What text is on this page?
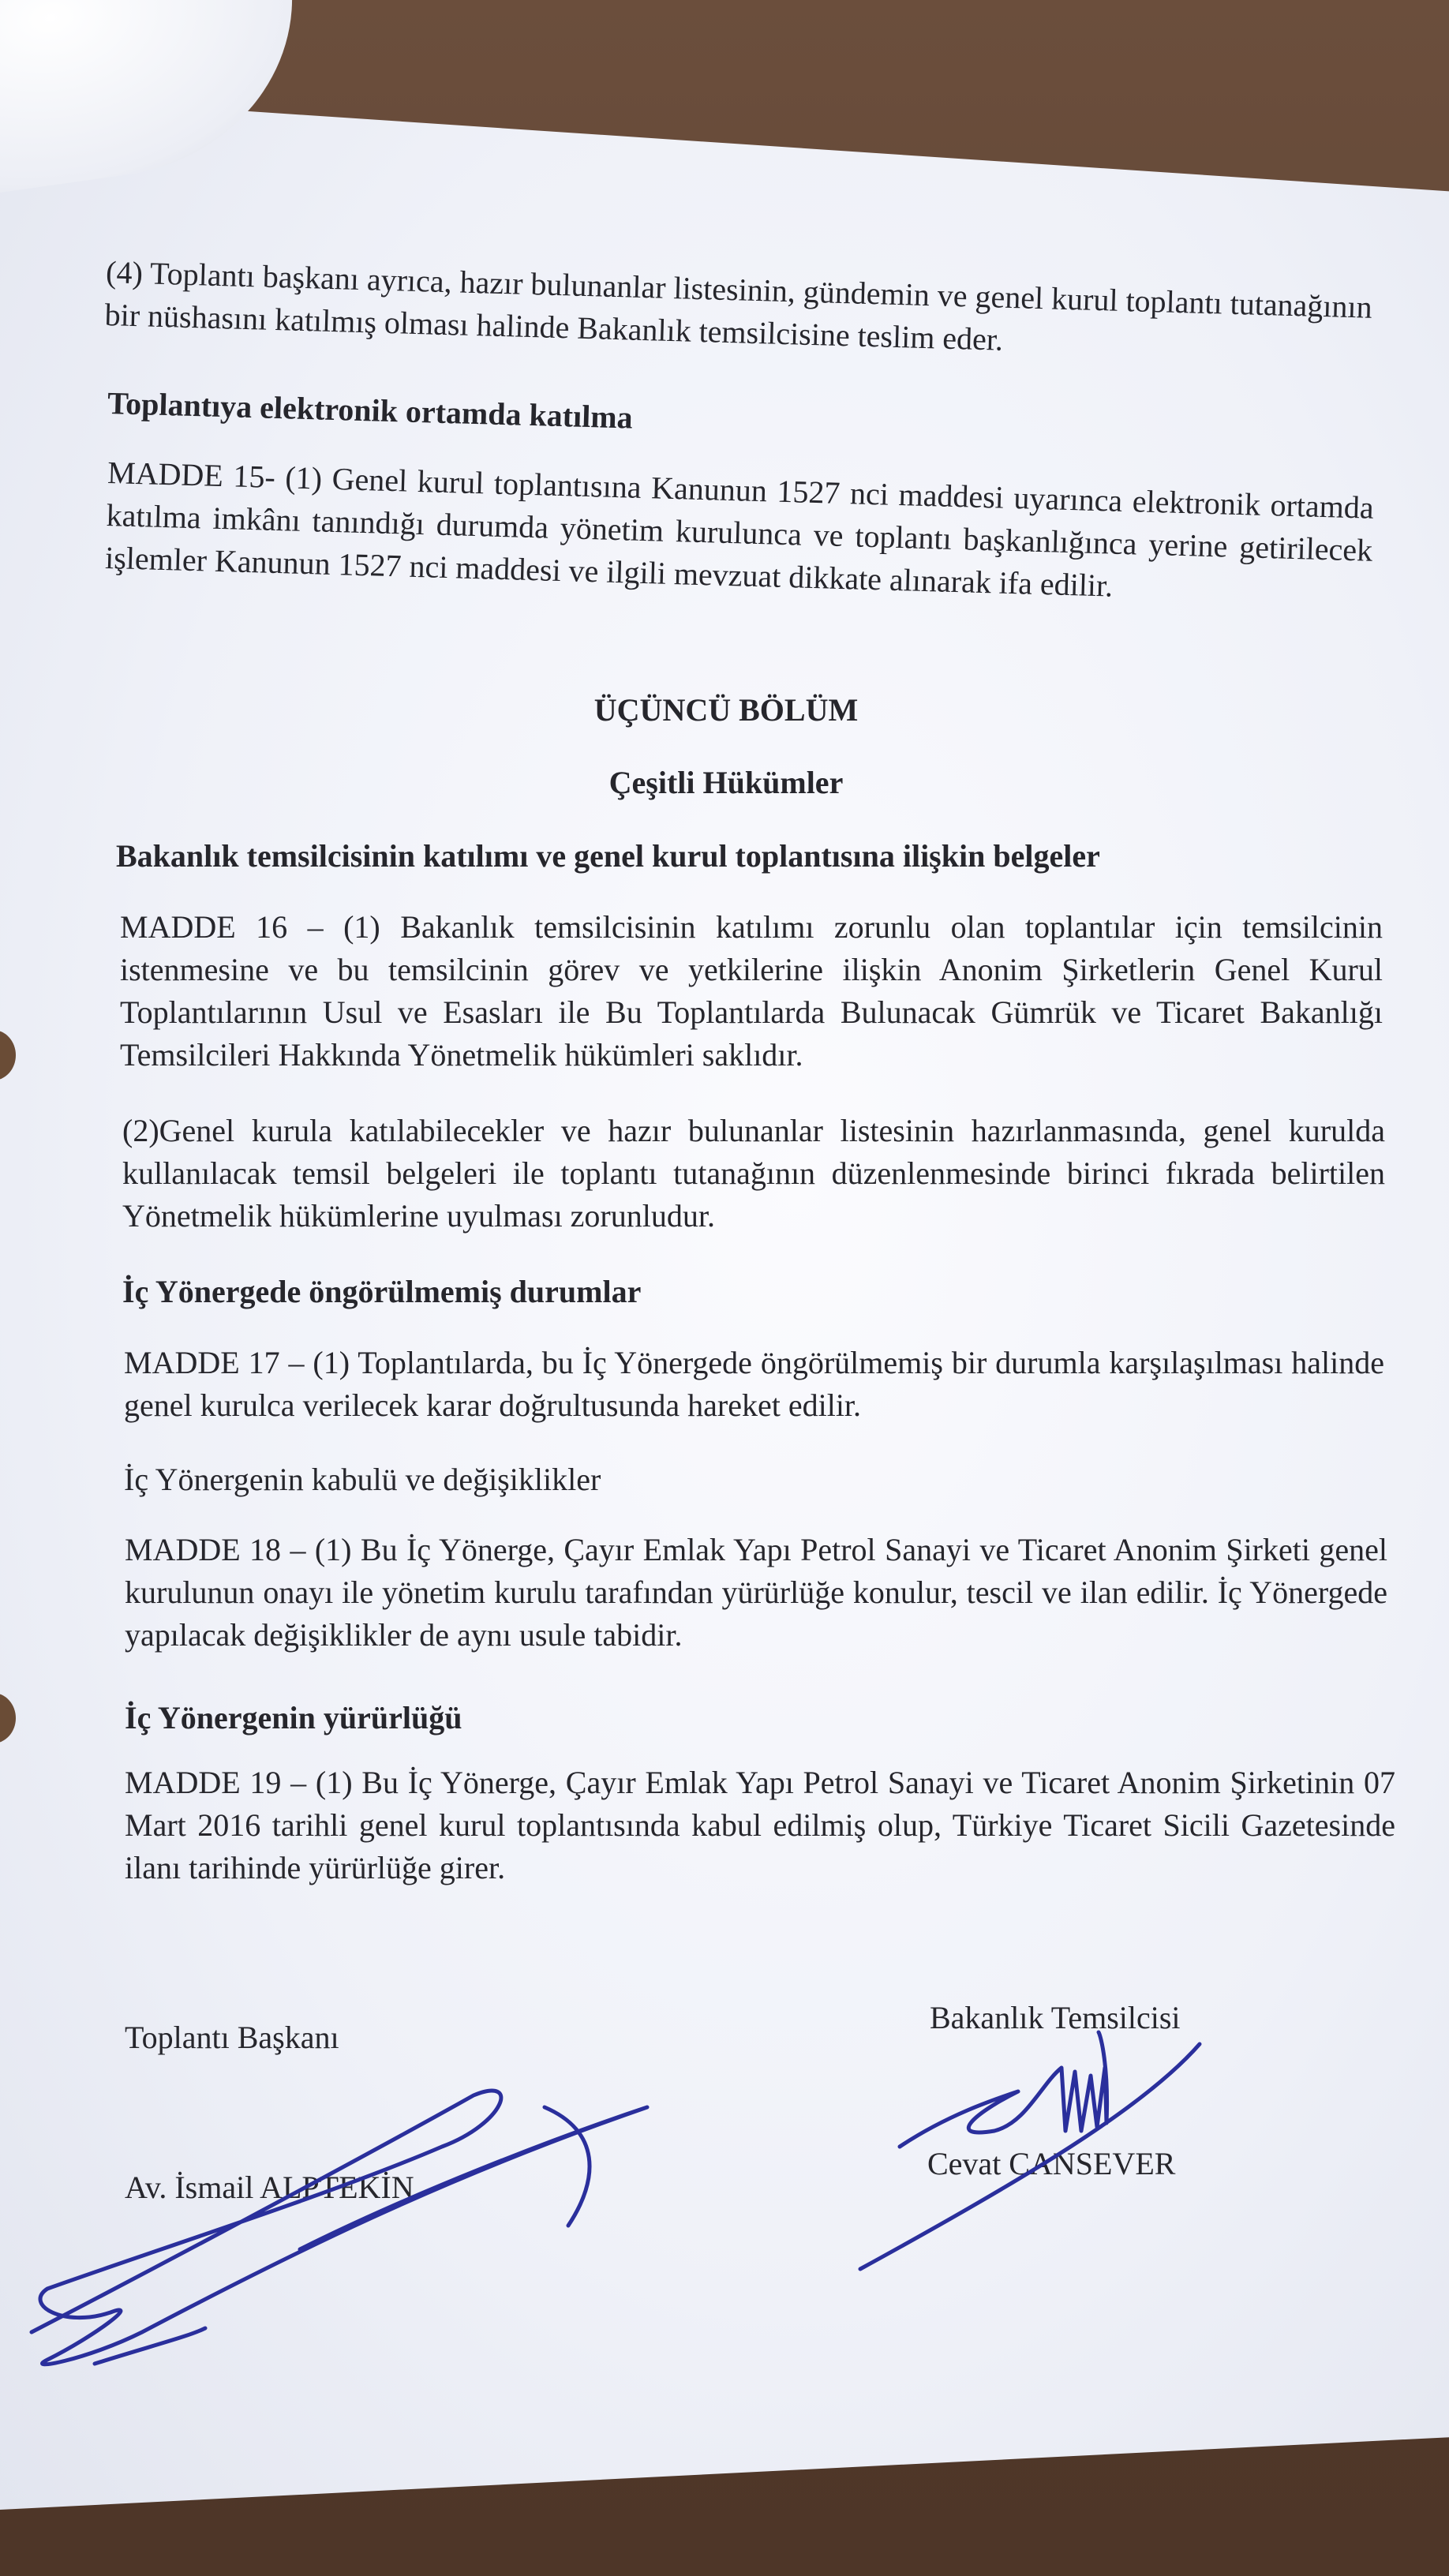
(4) Toplantı başkanı ayrıca, hazır bulunanlar listesinin, gündemin ve genel kurul toplantı tutanağının bir nüshasını katılmış olması halinde Bakanlık temsilcisine teslim eder.

Toplantıya elektronik ortamda katılma

MADDE 15- (1) Genel kurul toplantısına Kanunun 1527 nci maddesi uyarınca elektronik ortamda katılma imkânı tanındığı durumda yönetim kurulunca ve toplantı başkanlığınca yerine getirilecek işlemler Kanunun 1527 nci maddesi ve ilgili mevzuat dikkate alınarak ifa edilir.

ÜÇÜNCÜ BÖLÜM

Çeşitli Hükümler

Bakanlık temsilcisinin katılımı ve genel kurul toplantısına ilişkin belgeler

MADDE 16 – (1) Bakanlık temsilcisinin katılımı zorunlu olan toplantılar için temsilcinin istenmesine ve bu temsilcinin görev ve yetkilerine ilişkin Anonim Şirketlerin Genel Kurul Toplantılarının Usul ve Esasları ile Bu Toplantılarda Bulunacak Gümrük ve Ticaret Bakanlığı Temsilcileri Hakkında Yönetmelik hükümleri saklıdır.

(2)Genel kurula katılabilecekler ve hazır bulunanlar listesinin hazırlanmasında, genel kurulda kullanılacak temsil belgeleri ile toplantı tutanağının düzenlenmesinde birinci fıkrada belirtilen Yönetmelik hükümlerine uyulması zorunludur.

İç Yönergede öngörülmemiş durumlar

MADDE 17 – (1) Toplantılarda, bu İç Yönergede öngörülmemiş bir durumla karşılaşılması halinde genel kurulca verilecek karar doğrultusunda hareket edilir.

İç Yönergenin kabulü ve değişiklikler

MADDE 18 – (1) Bu İç Yönerge, Çayır Emlak Yapı Petrol Sanayi ve Ticaret Anonim Şirketi genel kurulunun onayı ile yönetim kurulu tarafından yürürlüğe konulur, tescil ve ilan edilir. İç Yönergede yapılacak değişiklikler de aynı usule tabidir.

İç Yönergenin yürürlüğü

MADDE 19 – (1) Bu İç Yönerge, Çayır Emlak Yapı Petrol Sanayi ve Ticaret Anonim Şirketinin 07 Mart 2016 tarihli genel kurul toplantısında kabul edilmiş olup, Türkiye Ticaret Sicili Gazetesinde ilanı tarihinde yürürlüğe girer.

Toplantı Başkanı

Bakanlık Temsilcisi

Av. İsmail ALPTEKİN

Cevat CANSEVER
